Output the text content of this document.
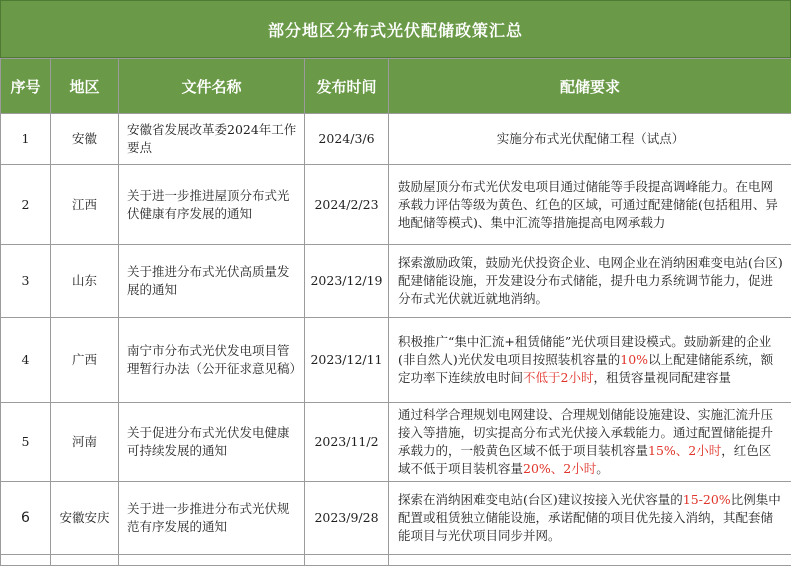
部分地区分布式光伏配储政策汇总
序号	地区	文件名称	发布时间	配储要求
1	安徽	安徽省发展改革委2024年工作要点	2024/3/6	实施分布式光伏配储工程（试点）
2	江西	关于进一步推进屋顶分布式光伏健康有序发展的通知	2024/2/23	鼓励屋顶分布式光伏发电项目通过储能等手段提高调峰能力。在电网承载力评估等级为黄色、红色的区域，可通过配建储能(包括租用、异地配储等模式)、集中汇流等措施提高电网承载力
3	山东	关于推进分布式光伏高质量发展的通知	2023/12/19	探索激励政策，鼓励光伏投资企业、电网企业在消纳困难变电站(台区)配建储能设施，开发建设分布式储能，提升电力系统调节能力，促进分布式光伏就近就地消纳。
4	广西	南宁市分布式光伏发电项目管理暂行办法（公开征求意见稿）	2023/12/11	积极推广“集中汇流+租赁储能”光伏项目建设模式。鼓励新建的企业(非自然人)光伏发电项目按照装机容量的10%以上配建储能系统，额定功率下连续放电时间不低于2小时，租赁容量视同配建容量
5	河南	关于促进分布式光伏发电健康可持续发展的通知	2023/11/2	通过科学合理规划电网建设、合理规划储能设施建设、实施汇流升压接入等措施，切实提高分布式光伏接入承载能力。通过配置储能提升承载力的，一般黄色区域不低于项目装机容量15%、2小时，红色区域不低于项目装机容量20%、2小时。
6	安徽安庆	关于进一步推进分布式光伏规范有序发展的通知	2023/9/28	探索在消纳困难变电站(台区)建议按接入光伏容量的15-20%比例集中配置或租赁独立储能设施，承诺配储的项目优先接入消纳，其配套储能项目与光伏项目同步并网。
